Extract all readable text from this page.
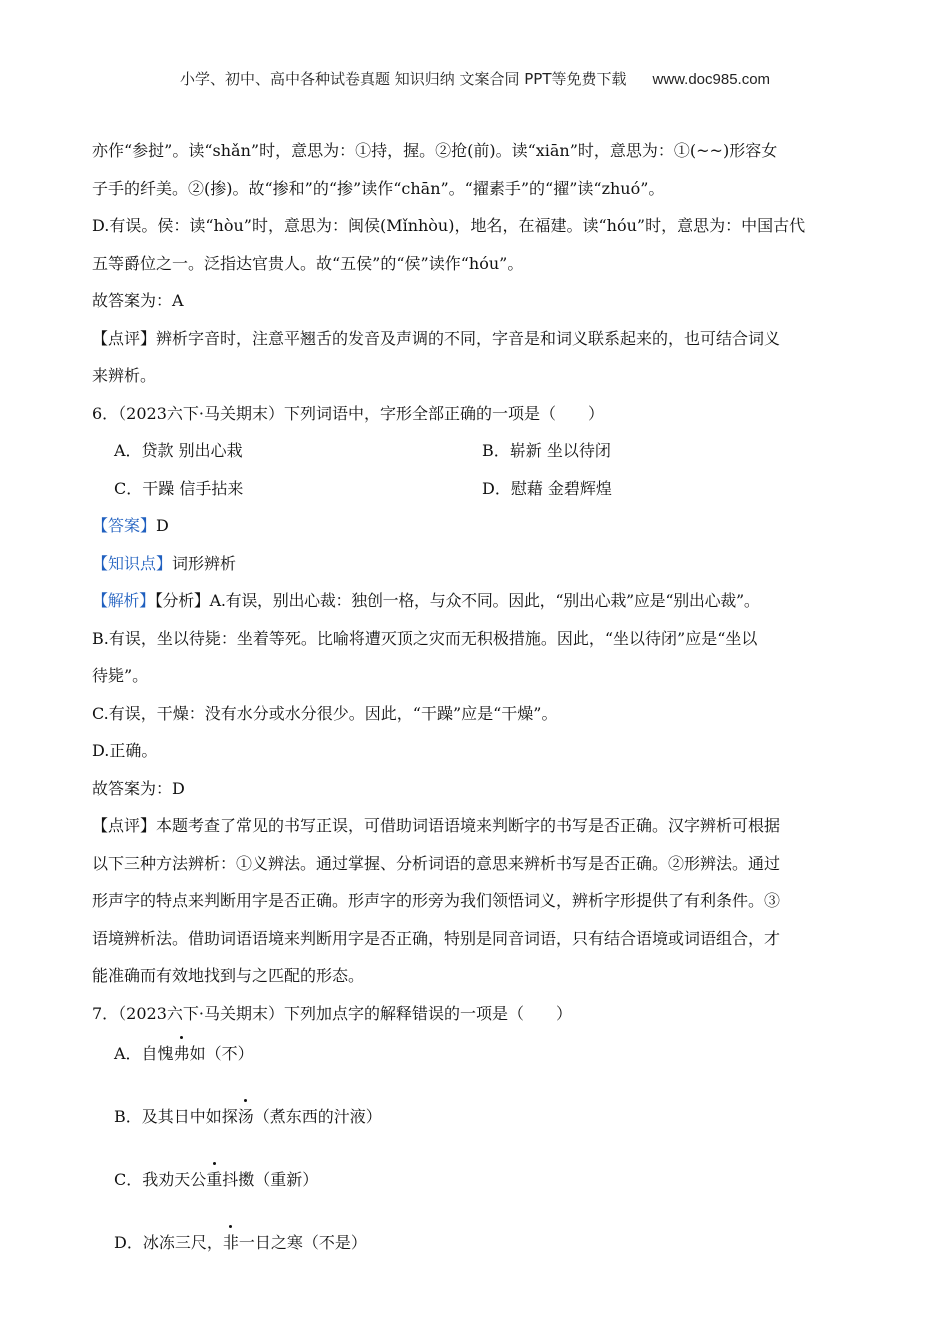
小学、初中、高中各种试卷真题 知识归纳 文案合同 PPT等免费下载 www.doc985.com
亦作“参挝”。读“shǎn”时，意思为：①持，握。②抢(前)。读“xiān”时，意思为：①(~~)形容女
子手的纤美。②(掺)。故“掺和”的“掺”读作“chān”。“擢素手”的“擢”读“zhuó”。
D.有误。侯：读“hòu”时，意思为：闽侯(Mǐnhòu)，地名，在福建。读“hóu”时，意思为：中国古代
五等爵位之一。泛指达官贵人。故“五侯”的“侯”读作“hóu”。
故答案为：A
【点评】辨析字音时，注意平翘舌的发音及声调的不同，字音是和词义联系起来的，也可结合词义
来辨析。
6．（2023六下·马关期末）下列词语中，字形全部正确的一项是（　　）
A．贷款 别出心栽	B．崭新 坐以待闭
C．干躁 信手拈来	D．慰藉 金碧辉煌
【答案】D
【知识点】词形辨析
【解析】【分析】A.有误，别出心裁：独创一格，与众不同。因此，“别出心栽”应是“别出心裁”。
B.有误，坐以待毙：坐着等死。比喻将遭灭顶之灾而无积极措施。因此，“坐以待闭”应是“坐以
待毙”。
C.有误，干燥：没有水分或水分很少。因此，“干躁”应是“干燥”。
D.正确。
故答案为：D
【点评】本题考查了常见的书写正误，可借助词语语境来判断字的书写是否正确。汉字辨析可根据
以下三种方法辨析：①义辨法。通过掌握、分析词语的意思来辨析书写是否正确。②形辨法。通过
形声字的特点来判断用字是否正确。形声字的形旁为我们领悟词义，辨析字形提供了有利条件。③
语境辨析法。借助词语语境来判断用字是否正确，特别是同音词语，只有结合语境或词语组合，才
能准确而有效地找到与之匹配的形态。
7．（2023六下·马关期末）下列加点字的解释错误的一项是（　　）
A．自愧弗如（不）
B．及其日中如探汤（煮东西的汁液）
C．我劝天公重抖擞（重新）
D．冰冻三尺，非一日之寒（不是）
